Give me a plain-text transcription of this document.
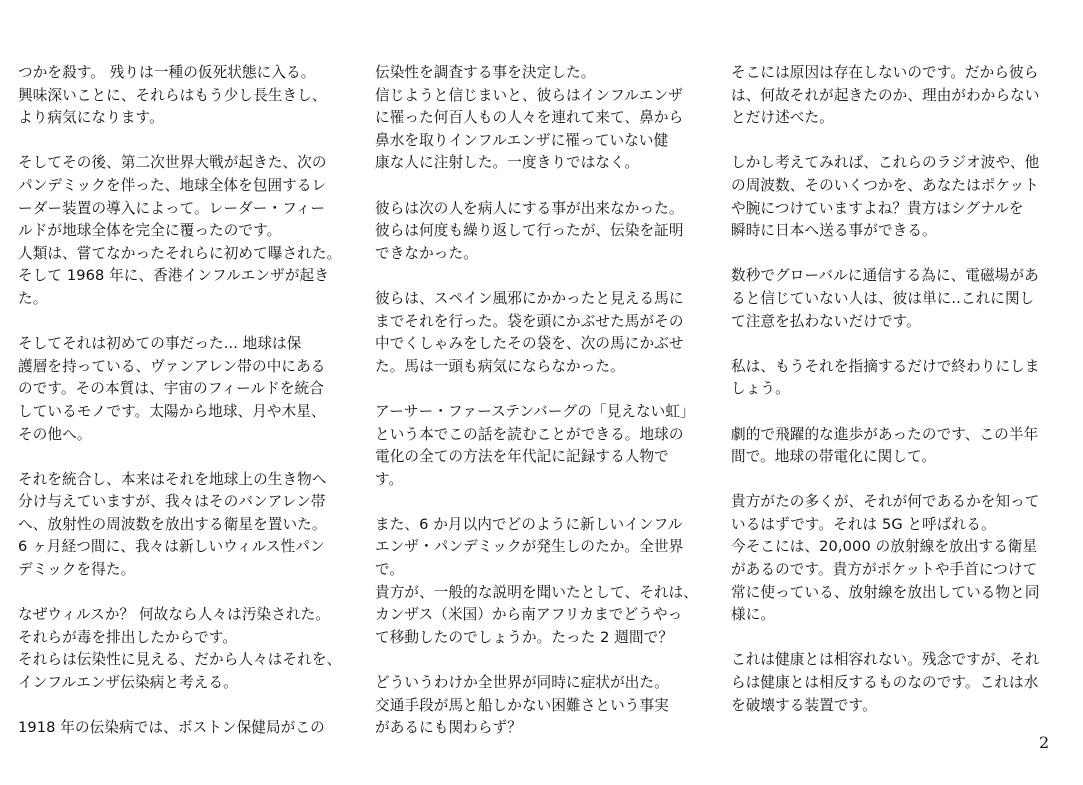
つかを殺す。 残りは一種の仮死状態に入る。
興味深いことに、それらはもう少し長生きし、
より病気になります。

そしてその後、第二次世界大戦が起きた、次の
パンデミックを伴った、地球全体を包囲するレ
ーダー装置の導入によって。レーダー・フィー
ルドが地球全体を完全に覆ったのです。
人類は、嘗てなかったそれらに初めて曝された。
そして 1968 年に、香港インフルエンザが起き
た。

そしてそれは初めての事だった... 地球は保
護層を持っている、ヴァンアレン帯の中にある
のです。その本質は、宇宙のフィールドを統合
しているモノです。太陽から地球、月や木星、
その他へ。

それを統合し、本来はそれを地球上の生き物へ
分け与えていますが、我々はそのバンアレン帯
へ、放射性の周波数を放出する衛星を置いた。
6 ヶ月経つ間に、我々は新しいウィルス性パン
デミックを得た。

なぜウィルスか？ 何故なら人々は汚染された。
それらが毒を排出したからです。
それらは伝染性に見える、だから人々はそれを、
インフルエンザ伝染病と考える。

1918 年の伝染病では、ボストン保健局がこの

伝染性を調査する事を決定した。
信じようと信じまいと、彼らはインフルエンザ
に罹った何百人もの人々を連れて来て、鼻から
鼻水を取りインフルエンザに罹っていない健
康な人に注射した。一度きりではなく。

彼らは次の人を病人にする事が出来なかった。
彼らは何度も繰り返して行ったが、伝染を証明
できなかった。

彼らは、スペイン風邪にかかったと見える馬に
までそれを行った。袋を頭にかぶせた馬がその
中でくしゃみをしたその袋を、次の馬にかぶせ
た。馬は一頭も病気にならなかった。

アーサー・ファーステンバーグの「見えない虹」
という本でこの話を読むことができる。地球の
電化の全ての方法を年代記に記録する人物で
す。

また、6 か月以内でどのように新しいインフル
エンザ・パンデミックが発生しのたか。全世界
で。
貴方が、一般的な説明を聞いたとして、それは、
カンザス（米国）から南アフリカまでどうやっ
て移動したのでしょうか。たった 2 週間で？

どういうわけか全世界が同時に症状が出た。
交通手段が馬と船しかない困難さという事実
があるにも関わらず？

そこには原因は存在しないのです。だから彼ら
は、何故それが起きたのか、理由がわからない
とだけ述べた。

しかし考えてみれば、これらのラジオ波や、他
の周波数、そのいくつかを、あなたはポケット
や腕につけていますよね？貴方はシグナルを
瞬時に日本へ送る事ができる。

数秒でグローバルに通信する為に、電磁場があ
ると信じていない人は、彼は単に..これに関し
て注意を払わないだけです。

私は、もうそれを指摘するだけで終わりにしま
しょう。

劇的で飛躍的な進歩があったのです、この半年
間で。地球の帯電化に関して。

貴方がたの多くが、それが何であるかを知って
いるはずです。それは 5G と呼ばれる。
今そこには、20,000 の放射線を放出する衛星
があるのです。貴方がポケットや手首につけて
常に使っている、放射線を放出している物と同
様に。

これは健康とは相容れない。残念ですが、それ
らは健康とは相反するものなのです。これは水
を破壊する装置です。

2
